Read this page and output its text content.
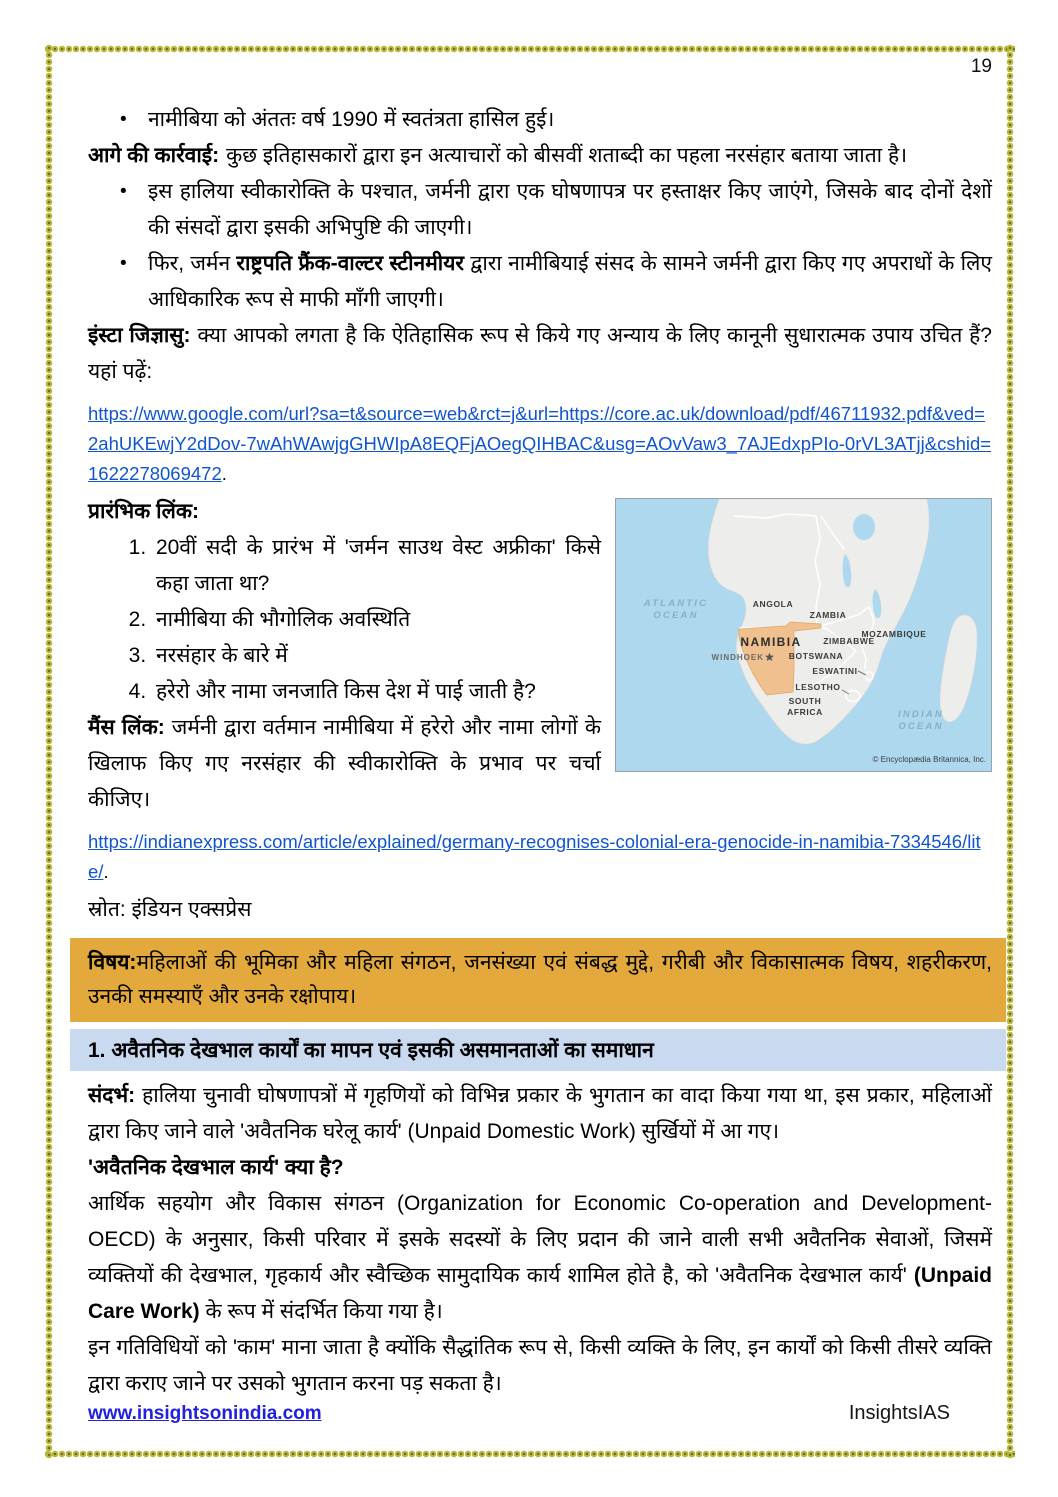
19
• नामीबिया को अंततः वर्ष 1990 में स्वतंत्रता हासिल हुई।

आगे की कार्रवाई: कुछ इतिहासकारों द्वारा इन अत्याचारों को बीसवीं शताब्दी का पहला नरसंहार बताया जाता है।

• इस हालिया स्वीकारोक्ति के पश्चात, जर्मनी द्वारा एक घोषणापत्र पर हस्ताक्षर किए जाएंगे, जिसके बाद दोनों देशों की संसदों द्वारा इसकी अभिपुष्टि की जाएगी।
• फिर, जर्मन राष्ट्रपति फ्रैंक-वाल्टर स्टीनमीयर द्वारा नामीबियाई संसद के सामने जर्मनी द्वारा किए गए अपराधों के लिए आधिकारिक रूप से माफी माँगी जाएगी।

इंस्टा जिज्ञासु: क्या आपको लगता है कि ऐतिहासिक रूप से किये गए अन्याय के लिए कानूनी सुधारात्मक उपाय उचित हैं? यहां पढ़ें:

https://www.google.com/url?sa=t&source=web&rct=j&url=https://core.ac.uk/download/pdf/46711932.pdf&ved=2ahUKEwjY2dDov-7wAhWAwjgGHWIpA8EQFjAOegQIHBAC&usg=AOvVaw3_7AJEdxpPIo-0rVL3ATjj&cshid=1622278069472.

ATLANTIC
OCEAN
ANGOLA
ZAMBIA
MOZAMBIQUE
ZIMBABWE
NAMIBIA
WINDHOEK	BOTSWANA
ESWATINI
LESOTHO
SOUTH
AFRICA	INDIAN
OCEAN
© Encyclopædia Britannica, Inc.

प्रारंभिक लिंक:

1. 20वीं सदी के प्रारंभ में 'जर्मन साउथ वेस्ट अफ्रीका' किसे कहा जाता था?
2. नामीबिया की भौगोलिक अवस्थिति
3. नरसंहार के बारे में
4. हरेरो और नामा जनजाति किस देश में पाई जाती है?

मैंस लिंक: जर्मनी द्वारा वर्तमान नामीबिया में हरेरो और नामा लोगों के खिलाफ किए गए नरसंहार की स्वीकारोक्ति के प्रभाव पर चर्चा कीजिए।

https://indianexpress.com/article/explained/germany-recognises-colonial-era-genocide-in-namibia-7334546/lite/.

स्रोत: इंडियन एक्सप्रेस

विषय:महिलाओं की भूमिका और महिला संगठन, जनसंख्या एवं संबद्ध मुद्दे, गरीबी और विकासात्मक विषय, शहरीकरण, उनकी समस्याएँ और उनके रक्षोपाय।

1. अवैतनिक देखभाल कार्यों का मापन एवं इसकी असमानताओं का समाधान

संदर्भ: हालिया चुनावी घोषणापत्रों में गृहणियों को विभिन्न प्रकार के भुगतान का वादा किया गया था, इस प्रकार, महिलाओं द्वारा किए जाने वाले 'अवैतनिक घरेलू कार्य' (Unpaid Domestic Work) सुर्खियों में आ गए।

'अवैतनिक देखभाल कार्य' क्या है?

आर्थिक सहयोग और विकास संगठन (Organization for Economic Co-operation and Development- OECD) के अनुसार, किसी परिवार में इसके सदस्यों के लिए प्रदान की जाने वाली सभी अवैतनिक सेवाओं, जिसमें व्यक्तियों की देखभाल, गृहकार्य और स्वैच्छिक सामुदायिक कार्य शामिल होते है, को 'अवैतनिक देखभाल कार्य' (Unpaid Care Work) के रूप में संदर्भित किया गया है।

इन गतिविधियों को 'काम' माना जाता है क्योंकि सैद्धांतिक रूप से, किसी व्यक्ति के लिए, इन कार्यों को किसी तीसरे व्यक्ति द्वारा कराए जाने पर उसको भुगतान करना पड़ सकता है।

www.insightsonindia.com	InsightsIAS
